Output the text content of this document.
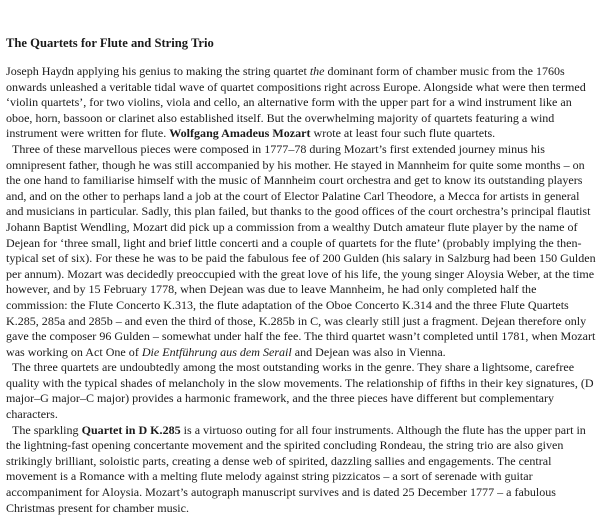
The Quartets for Flute and String Trio

Joseph Haydn applying his genius to making the string quartet the dominant form of chamber music from the 1760s onwards unleashed a veritable tidal wave of quartet compositions right across Europe. Alongside what were then termed ‘violin quartets’, for two violins, viola and cello, an alternative form with the upper part for a wind instrument like an oboe, horn, bassoon or clarinet also established itself. But the overwhelming majority of quartets featuring a wind instrument were written for flute. Wolfgang Amadeus Mozart wrote at least four such flute quartets.

Three of these marvellous pieces were composed in 1777–78 during Mozart’s first extended journey minus his omnipresent father, though he was still accompanied by his mother. He stayed in Mannheim for quite some months – on the one hand to familiarise himself with the music of Mannheim court orchestra and get to know its outstanding players and, and on the other to perhaps land a job at the court of Elector Palatine Carl Theodore, a Mecca for artists in general and musicians in particular. Sadly, this plan failed, but thanks to the good offices of the court orchestra’s principal flautist Johann Baptist Wendling, Mozart did pick up a commission from a wealthy Dutch amateur flute player by the name of Dejean for ‘three small, light and brief little concerti and a couple of quartets for the flute’ (probably implying the then-typical set of six). For these he was to be paid the fabulous fee of 200 Gulden (his salary in Salzburg had been 150 Gulden per annum). Mozart was decidedly preoccupied with the great love of his life, the young singer Aloysia Weber, at the time however, and by 15 February 1778, when Dejean was due to leave Mannheim, he had only completed half the commission: the Flute Concerto K.313, the flute adaptation of the Oboe Concerto K.314 and the three Flute Quartets K.285, 285a and 285b – and even the third of those, K.285b in C, was clearly still just a fragment. Dejean therefore only gave the composer 96 Gulden – somewhat under half the fee. The third quartet wasn’t completed until 1781, when Mozart was working on Act One of Die Entführung aus dem Serail and Dejean was also in Vienna.

The three quartets are undoubtedly among the most outstanding works in the genre. They share a lightsome, carefree quality with the typical shades of melancholy in the slow movements. The relationship of fifths in their key signatures, (D major–G major–C major) provides a harmonic framework, and the three pieces have different but complementary characters.

The sparkling Quartet in D K.285 is a virtuoso outing for all four instruments. Although the flute has the upper part in the lightning-fast opening concertante movement and the spirited concluding Rondeau, the string trio are also given strikingly brilliant, soloistic parts, creating a dense web of spirited, dazzling sallies and engagements. The central movement is a Romance with a melting flute melody against string pizzicatos – a sort of serenade with guitar accompaniment for Aloysia. Mozart’s autograph manuscript survives and is dated 25 December 1777 – a fabulous Christmas present for chamber music.
